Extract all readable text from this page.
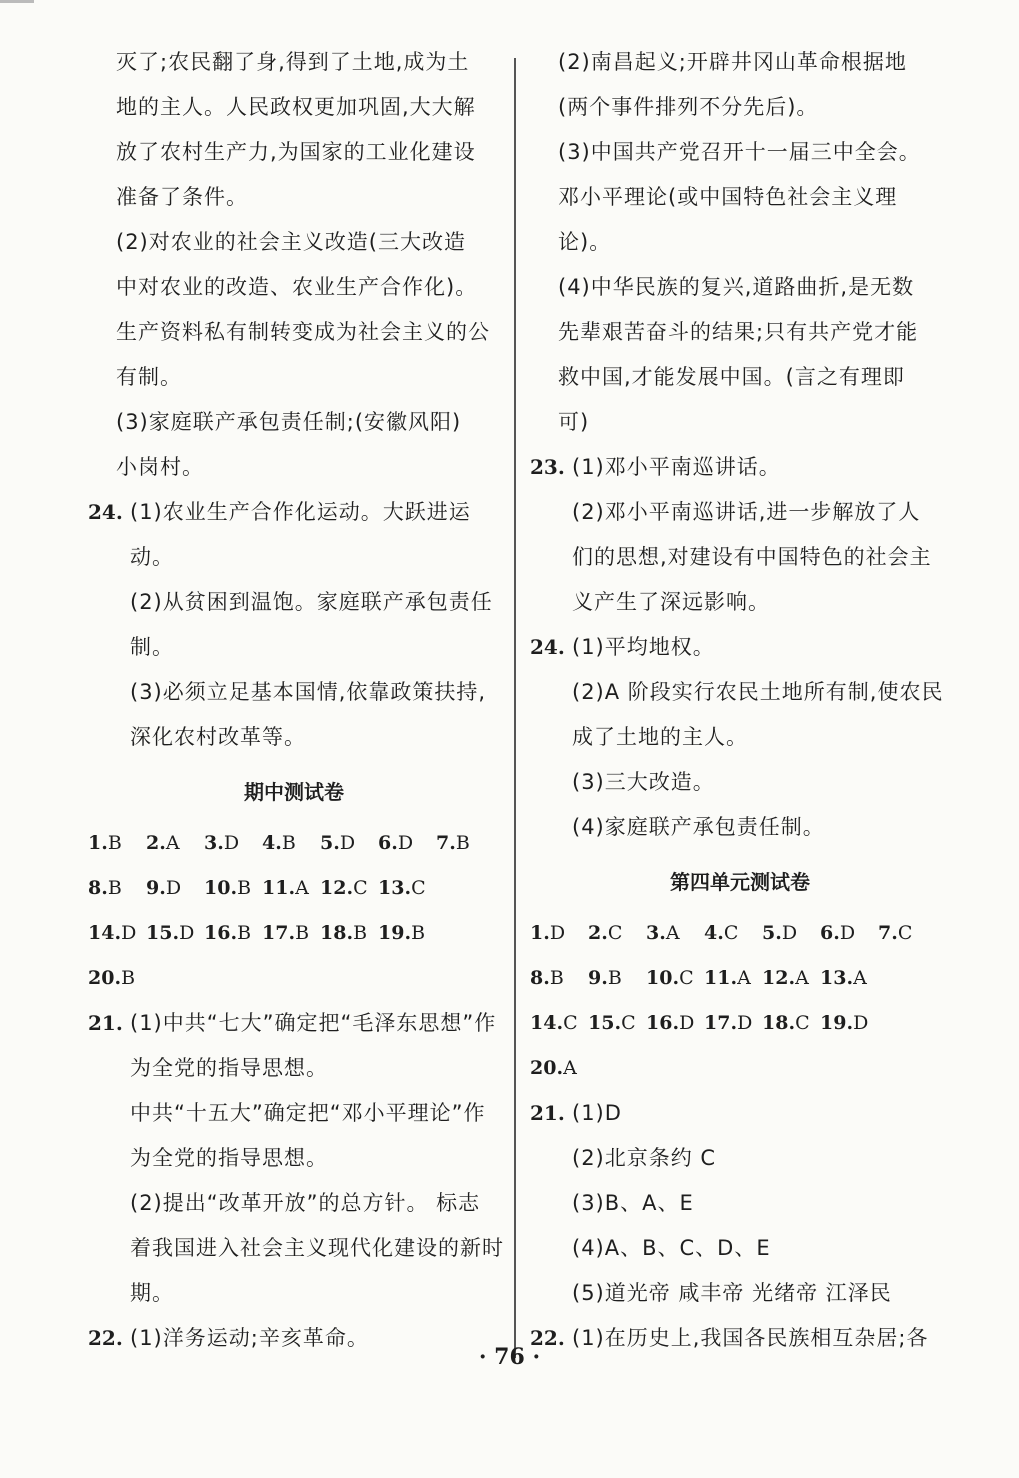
灭了;农民翻了身,得到了土地,成为土
地的主人。人民政权更加巩固,大大解
放了农村生产力,为国家的工业化建设
准备了条件。
(2)对农业的社会主义改造(三大改造
中对农业的改造、农业生产合作化)。
生产资料私有制转变成为社会主义的公
有制。
(3)家庭联产承包责任制;(安徽风阳)
小岗村。
24. (1)农业生产合作化运动。大跃进运
动。
(2)从贫困到温饱。家庭联产承包责任
制。
(3)必须立足基本国情,依靠政策扶持,
深化农村改革等。
期中测试卷
1.B	2.A	3.D	4.B	5.D	6.D	7.B
8.B	9.D	10.B 11.A 12.C 13.C
14.D 15.D 16.B 17.B 18.B 19.B
20.B
21. (1)中共“七大”确定把“毛泽东思想”作
为全党的指导思想。
中共“十五大”确定把“邓小平理论”作
为全党的指导思想。
(2)提出“改革开放”的总方针。 标志
着我国进入社会主义现代化建设的新时
期。
22. (1)洋务运动;辛亥革命。
(2)南昌起义;开辟井冈山革命根据地
(两个事件排列不分先后)。
(3)中国共产党召开十一届三中全会。
邓小平理论(或中国特色社会主义理
论)。
(4)中华民族的复兴,道路曲折,是无数
先辈艰苦奋斗的结果;只有共产党才能
救中国,才能发展中国。(言之有理即
可)
23. (1)邓小平南巡讲话。
(2)邓小平南巡讲话,进一步解放了人
们的思想,对建设有中国特色的社会主
义产生了深远影响。
24. (1)平均地权。
(2)A 阶段实行农民土地所有制,使农民
成了土地的主人。
(3)三大改造。
(4)家庭联产承包责任制。
第四单元测试卷
1.D	2.C	3.A	4.C	5.D	6.D	7.C
8.B	9.B	10.C 11.A 12.A 13.A
14.C 15.C 16.D 17.D 18.C 19.D
20.A
21. (1)D
(2)北京条约 C
(3)B、A、E
(4)A、B、C、D、E
(5)道光帝 咸丰帝 光绪帝 江泽民
22. (1)在历史上,我国各民族相互杂居;各
· 76 ·
